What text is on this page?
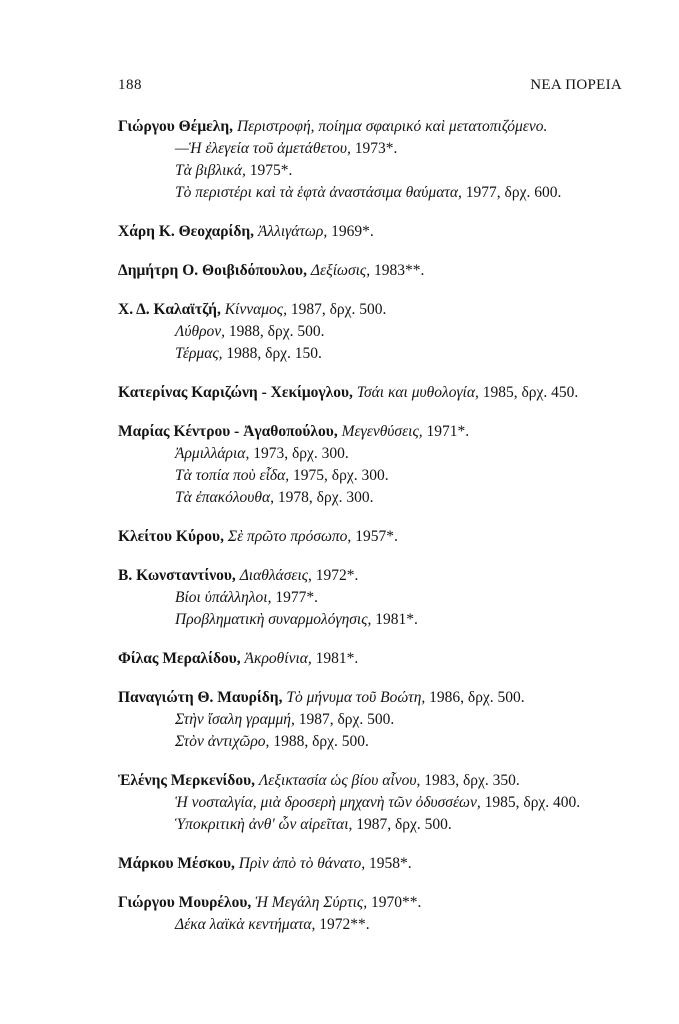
188	ΝΕΑ ΠΟΡΕΙΑ
Γιώργου Θέμελη, Περιστροφή, ποίημα σφαιρικό καὶ μετατοπιζόμενο.
—Ἡ ἐλεγεία τοῦ ἀμετάθετου, 1973*.
Τὰ βιβλικά, 1975*.
Τὸ περιστέρι καὶ τὰ ἑφτὰ ἀναστάσιμα θαύματα, 1977, δρχ. 600.
Χάρη Κ. Θεοχαρίδη, Ἀλλιγάτωρ, 1969*.
Δημήτρη Ο. Θοιβιδόπουλου, Δεξίωσις, 1983**.
Χ. Δ. Καλαϊτζή, Κίνναμος, 1987, δρχ. 500.
Λύθρον, 1988, δρχ. 500.
Τέρμας, 1988, δρχ. 150.
Κατερίνας Καριζώνη - Χεκίμογλου, Τσάι και μυθολογία, 1985, δρχ. 450.
Μαρίας Κέντρου - Ἀγαθοπούλου, Μεγενθύσεις, 1971*.
Ἀρμιλλάρια, 1973, δρχ. 300.
Τὰ τοπία ποὺ εἶδα, 1975, δρχ. 300.
Τὰ ἐπακόλουθα, 1978, δρχ. 300.
Κλείτου Κύρου, Σὲ πρῶτο πρόσωπο, 1957*.
Β. Κωνσταντίνου, Διαθλάσεις, 1972*.
Βίοι ὑπάλληλοι, 1977*.
Προβληματικὴ συναρμολόγησις, 1981*.
Φίλας Μεραλίδου, Ἀκροθίνια, 1981*.
Παναγιώτη Θ. Μαυρίδη, Τὸ μήνυμα τοῦ Βοώτη, 1986, δρχ. 500.
Στὴν ἴσαλη γραμμή, 1987, δρχ. 500.
Στὸν ἀντιχῶρο, 1988, δρχ. 500.
Ἑλένης Μερκενίδου, Λεξικτασία ὡς βίου αἶνου, 1983, δρχ. 350.
Ἡ νοσταλγία, μιὰ δροσερὴ μηχανὴ τῶν ὀδυσσέων, 1985, δρχ. 400.
Ὑποκριτικὴ ἀνθ' ὧν αἱρεῖται, 1987, δρχ. 500.
Μάρκου Μέσκου, Πρὶν ἀπὸ τὸ θάνατο, 1958*.
Γιώργου Μουρέλου, Ἡ Μεγάλη Σύρτις, 1970**.
Δέκα λαϊκὰ κεντήματα, 1972**.
